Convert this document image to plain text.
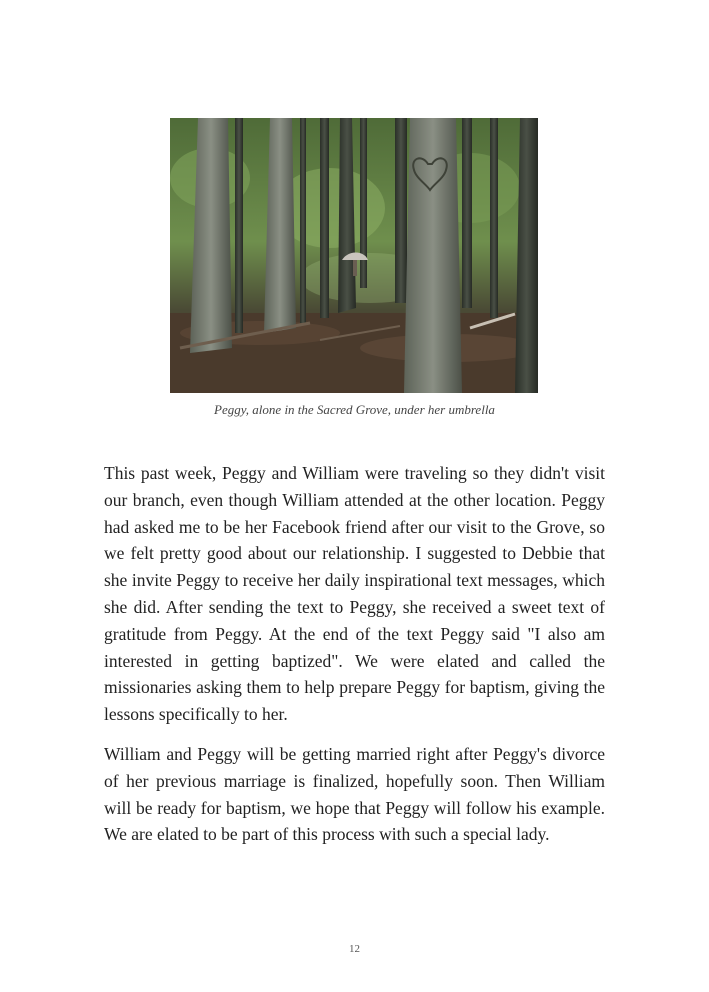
Peggy, alone in the Sacred Grove, under her umbrella

This past week, Peggy and William were traveling so they didn't visit our branch, even though William attended at the other location. Peggy had asked me to be her Facebook friend after our visit to the Grove, so we felt pretty good about our relationship. I suggested to Debbie that she invite Peggy to receive her daily inspirational text messages, which she did. After sending the text to Peggy, she received a sweet text of gratitude from Peggy. At the end of the text Peggy said "I also am interested in getting baptized". We were elated and called the missionaries asking them to help prepare Peggy for baptism, giving the lessons specifically to her.

William and Peggy will be getting married right after Peggy's divorce of her previous marriage is finalized, hopefully soon. Then William will be ready for baptism, we hope that Peggy will follow his example. We are elated to be part of this process with such a special lady.

12
